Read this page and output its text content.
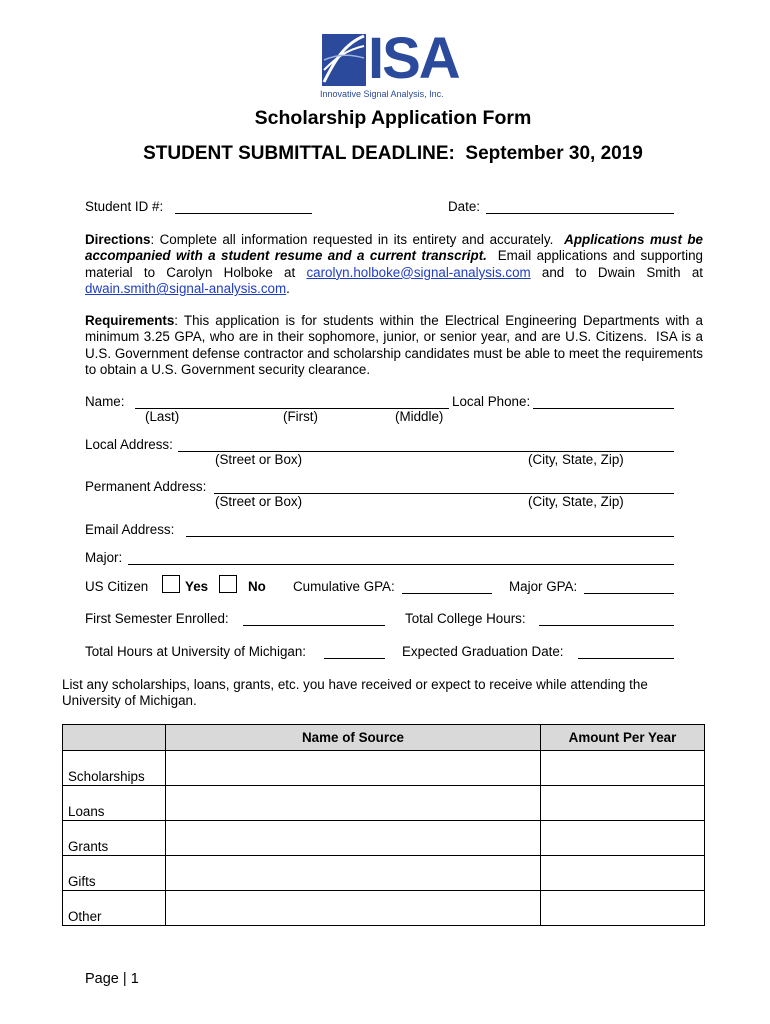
ISA
Innovative Signal Analysis, Inc.
Scholarship Application Form
STUDENT SUBMITTAL DEADLINE:  September 30, 2019
Student ID #:	Date:
Directions: Complete all information requested in its entirety and accurately.  Applications must be accompanied with a student resume and a current transcript.  Email applications and supporting material to Carolyn Holboke at carolyn.holboke@signal-analysis.com and to Dwain Smith at dwain.smith@signal-analysis.com.
Requirements: This application is for students within the Electrical Engineering Departments with a minimum 3.25 GPA, who are in their sophomore, junior, or senior year, and are U.S. Citizens.  ISA is a U.S. Government defense contractor and scholarship candidates must be able to meet the requirements to obtain a U.S. Government security clearance.
Name:	Local Phone:
(Last)	(First)	(Middle)
Local Address:
(Street or Box)	(City, State, Zip)
Permanent Address:
(Street or Box)	(City, State, Zip)
Email Address:
Major:
US Citizen	Yes	No Cumulative GPA:	Major GPA:
First Semester Enrolled:	Total College Hours:
Total Hours at University of Michigan:	Expected Graduation Date:
List any scholarships, loans, grants, etc. you have received or expect to receive while attending the University of Michigan.
	Name of Source	Amount Per Year
Scholarships		
Loans		
Grants		
Gifts		
Other		
Page | 1
